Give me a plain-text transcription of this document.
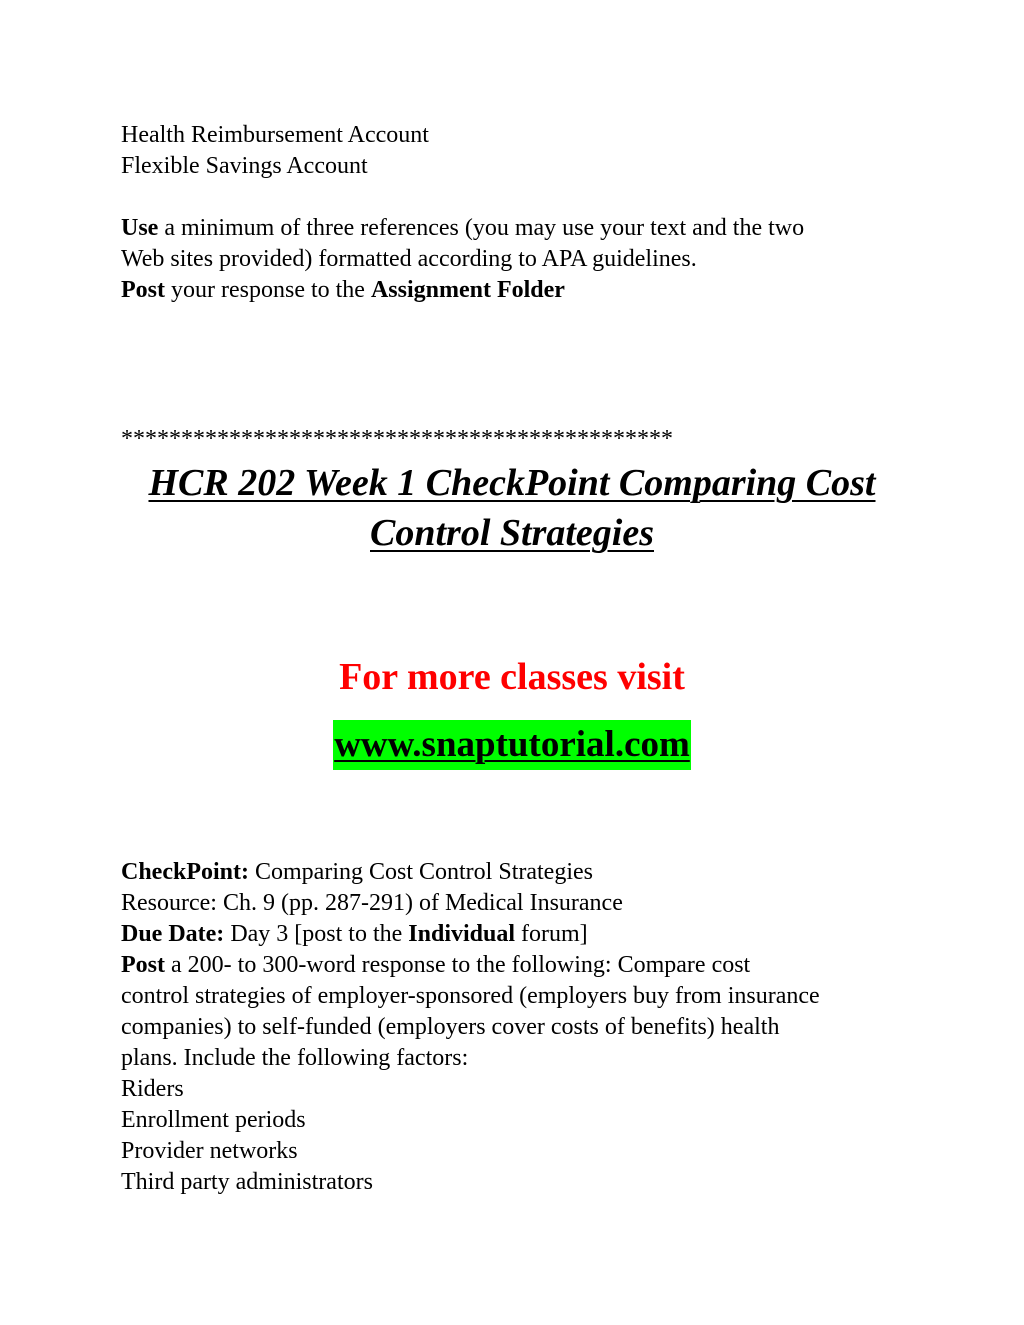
Health Reimbursement Account
Flexible Savings Account
Use a minimum of three references (you may use your text and the two
Web sites provided) formatted according to APA guidelines.
Post your response to the Assignment Folder
**********************************************
HCR 202 Week 1 CheckPoint Comparing Cost
Control Strategies
For more classes visit
www.snaptutorial.com
CheckPoint: Comparing Cost Control Strategies
Resource: Ch. 9 (pp. 287-291) of Medical Insurance
Due Date: Day 3 [post to the Individual forum]
Post a 200- to 300-word response to the following: Compare cost
control strategies of employer-sponsored (employers buy from insurance
companies) to self-funded (employers cover costs of benefits) health
plans. Include the following factors:
Riders
Enrollment periods
Provider networks
Third party administrators
